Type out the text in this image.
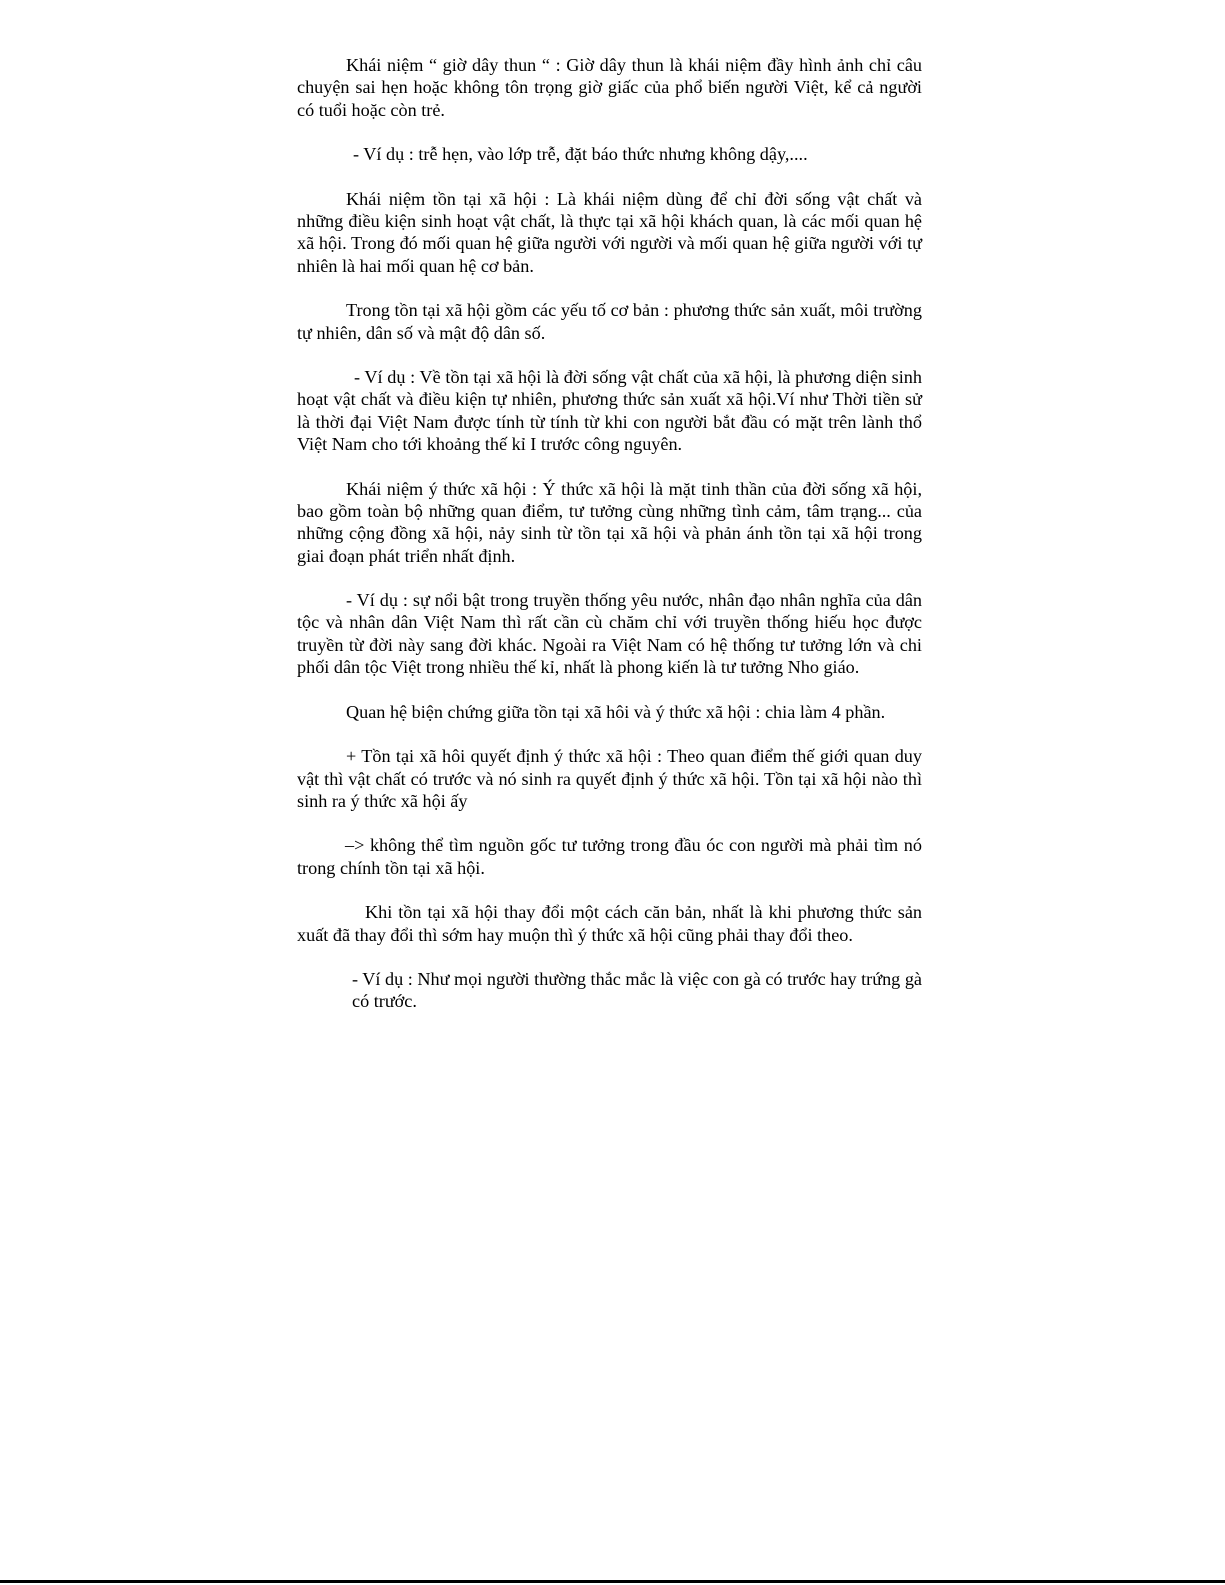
Khái niệm “ giờ dây thun “ : Giờ dây thun là khái niệm đầy hình ảnh chỉ câu chuyện sai hẹn hoặc không tôn trọng giờ giấc của phổ biến người Việt, kể cả người có tuổi hoặc còn trẻ.

- Ví dụ : trễ hẹn, vào lớp trễ, đặt báo thức nhưng không dậy,....

Khái niệm tồn tại xã hội : Là khái niệm dùng để chỉ đời sống vật chất và những điều kiện sinh hoạt vật chất, là thực tại xã hội khách quan, là các mối quan hệ xã hội. Trong đó mối quan hệ giữa người với người và mối quan hệ giữa người với tự nhiên là hai mối quan hệ cơ bản.

Trong tồn tại xã hội gồm các yếu tố cơ bản : phương thức sản xuất, môi trường tự nhiên, dân số và mật độ dân số.

- Ví dụ : Về tồn tại xã hội là đời sống vật chất của xã hội, là phương diện sinh hoạt vật chất và điều kiện tự nhiên, phương thức sản xuất xã hội.Ví như Thời tiền sử là thời đại Việt Nam được tính từ tính từ khi con người bắt đầu có mặt trên lành thổ Việt Nam cho tới khoảng thế kỉ I trước công nguyên.

Khái niệm ý thức xã hội : Ý thức xã hội là mặt tinh thần của đời sống xã hội, bao gồm toàn bộ những quan điểm, tư tưởng cùng những tình cảm, tâm trạng... của những cộng đồng xã hội, nảy sinh từ tồn tại xã hội và phản ánh tồn tại xã hội trong giai đoạn phát triển nhất định.

- Ví dụ : sự nổi bật trong truyền thống yêu nước, nhân đạo nhân nghĩa của dân tộc và nhân dân Việt Nam thì rất cần cù chăm chỉ với truyền thống hiếu học được truyền từ đời này sang đời khác. Ngoài ra Việt Nam có hệ thống tư tưởng lớn và chi phối dân tộc Việt trong nhiều thế kỉ, nhất là phong kiến là tư tưởng Nho giáo.

Quan hệ biện chứng giữa tồn tại xã hôi và ý thức xã hội : chia làm 4 phần.

+ Tồn tại xã hôi quyết định ý thức xã hội : Theo quan điểm thế giới quan duy vật thì vật chất có trước và nó sinh ra quyết định ý thức xã hội. Tồn tại xã hội nào thì sinh ra ý thức xã hội ấy

–> không thể tìm nguồn gốc tư tưởng trong đầu óc con người mà phải tìm nó trong chính tồn tại xã hội.

Khi tồn tại xã hội thay đổi một cách căn bản, nhất là khi phương thức sản xuất đã thay đổi thì sớm hay muộn thì ý thức xã hội cũng phải thay đổi theo.

- Ví dụ : Như mọi người thường thắc mắc là việc con gà có trước hay trứng gà có trước.
